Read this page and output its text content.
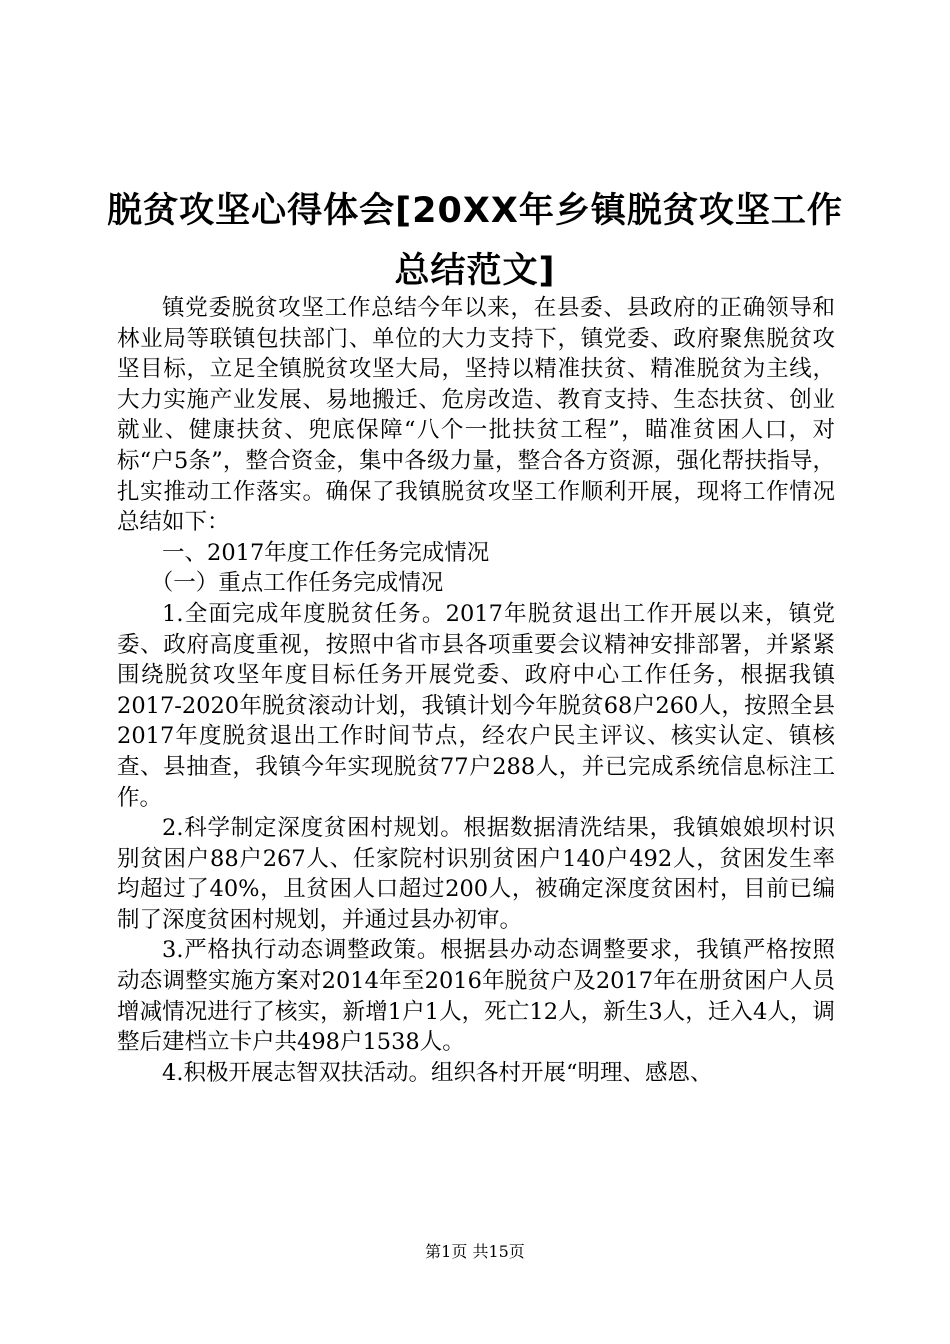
脱贫攻坚心得体会[20XX年乡镇脱贫攻坚工作
总结范文]

镇党委脱贫攻坚工作总结今年以来，在县委、县政府的正确领导和林业局等联镇包扶部门、单位的大力支持下，镇党委、政府聚焦脱贫攻坚目标，立足全镇脱贫攻坚大局，坚持以精准扶贫、精准脱贫为主线，大力实施产业发展、易地搬迁、危房改造、教育支持、生态扶贫、创业就业、健康扶贫、兜底保障“八个一批扶贫工程”，瞄准贫困人口，对标“户5条”，整合资金，集中各级力量，整合各方资源，强化帮扶指导，扎实推动工作落实。确保了我镇脱贫攻坚工作顺利开展，现将工作情况总结如下：

一、2017年度工作任务完成情况

（一）重点工作任务完成情况

1.全面完成年度脱贫任务。2017年脱贫退出工作开展以来，镇党委、政府高度重视，按照中省市县各项重要会议精神安排部署，并紧紧围绕脱贫攻坚年度目标任务开展党委、政府中心工作任务，根据我镇2017-2020年脱贫滚动计划，我镇计划今年脱贫68户260人，按照全县2017年度脱贫退出工作时间节点，经农户民主评议、核实认定、镇核查、县抽查，我镇今年实现脱贫77户288人，并已完成系统信息标注工作。

2.科学制定深度贫困村规划。根据数据清洗结果，我镇娘娘坝村识别贫困户88户267人、任家院村识别贫困户140户492人，贫困发生率均超过了40%，且贫困人口超过200人，被确定深度贫困村，目前已编制了深度贫困村规划，并通过县办初审。

3.严格执行动态调整政策。根据县办动态调整要求，我镇严格按照动态调整实施方案对2014年至2016年脱贫户及2017年在册贫困户人员增减情况进行了核实，新增1户1人，死亡12人，新生3人，迁入4人，调整后建档立卡户共498户1538人。

4.积极开展志智双扶活动。组织各村开展“明理、感恩、

第1页 共15页
